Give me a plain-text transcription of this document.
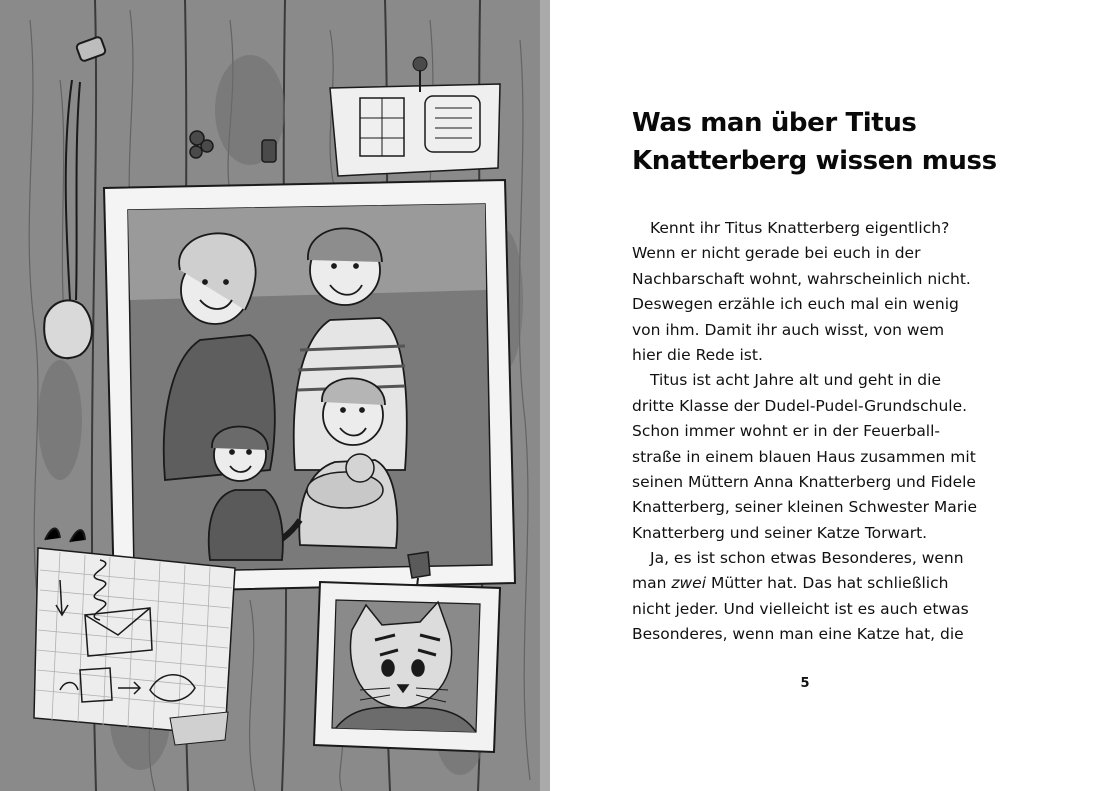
Was man über Titus
Knatterberg wissen muss
Kennt ihr Titus Knatterberg eigentlich?
Wenn er nicht gerade bei euch in der
Nachbarschaft wohnt, wahrscheinlich nicht.
Deswegen erzähle ich euch mal ein wenig
von ihm. Damit ihr auch wisst, von wem
hier die Rede ist.
Titus ist acht Jahre alt und geht in die
dritte Klasse der Dudel-Pudel-Grundschule.
Schon immer wohnt er in der Feuerball-
straße in einem blauen Haus zusammen mit
seinen Müttern Anna Knatterberg und Fidele
Knatterberg, seiner kleinen Schwester Marie
Knatterberg und seiner Katze Torwart.
Ja, es ist schon etwas Besonderes, wenn
man zwei Mütter hat. Das hat schließlich
nicht jeder. Und vielleicht ist es auch etwas
Besonderes, wenn man eine Katze hat, die
5
